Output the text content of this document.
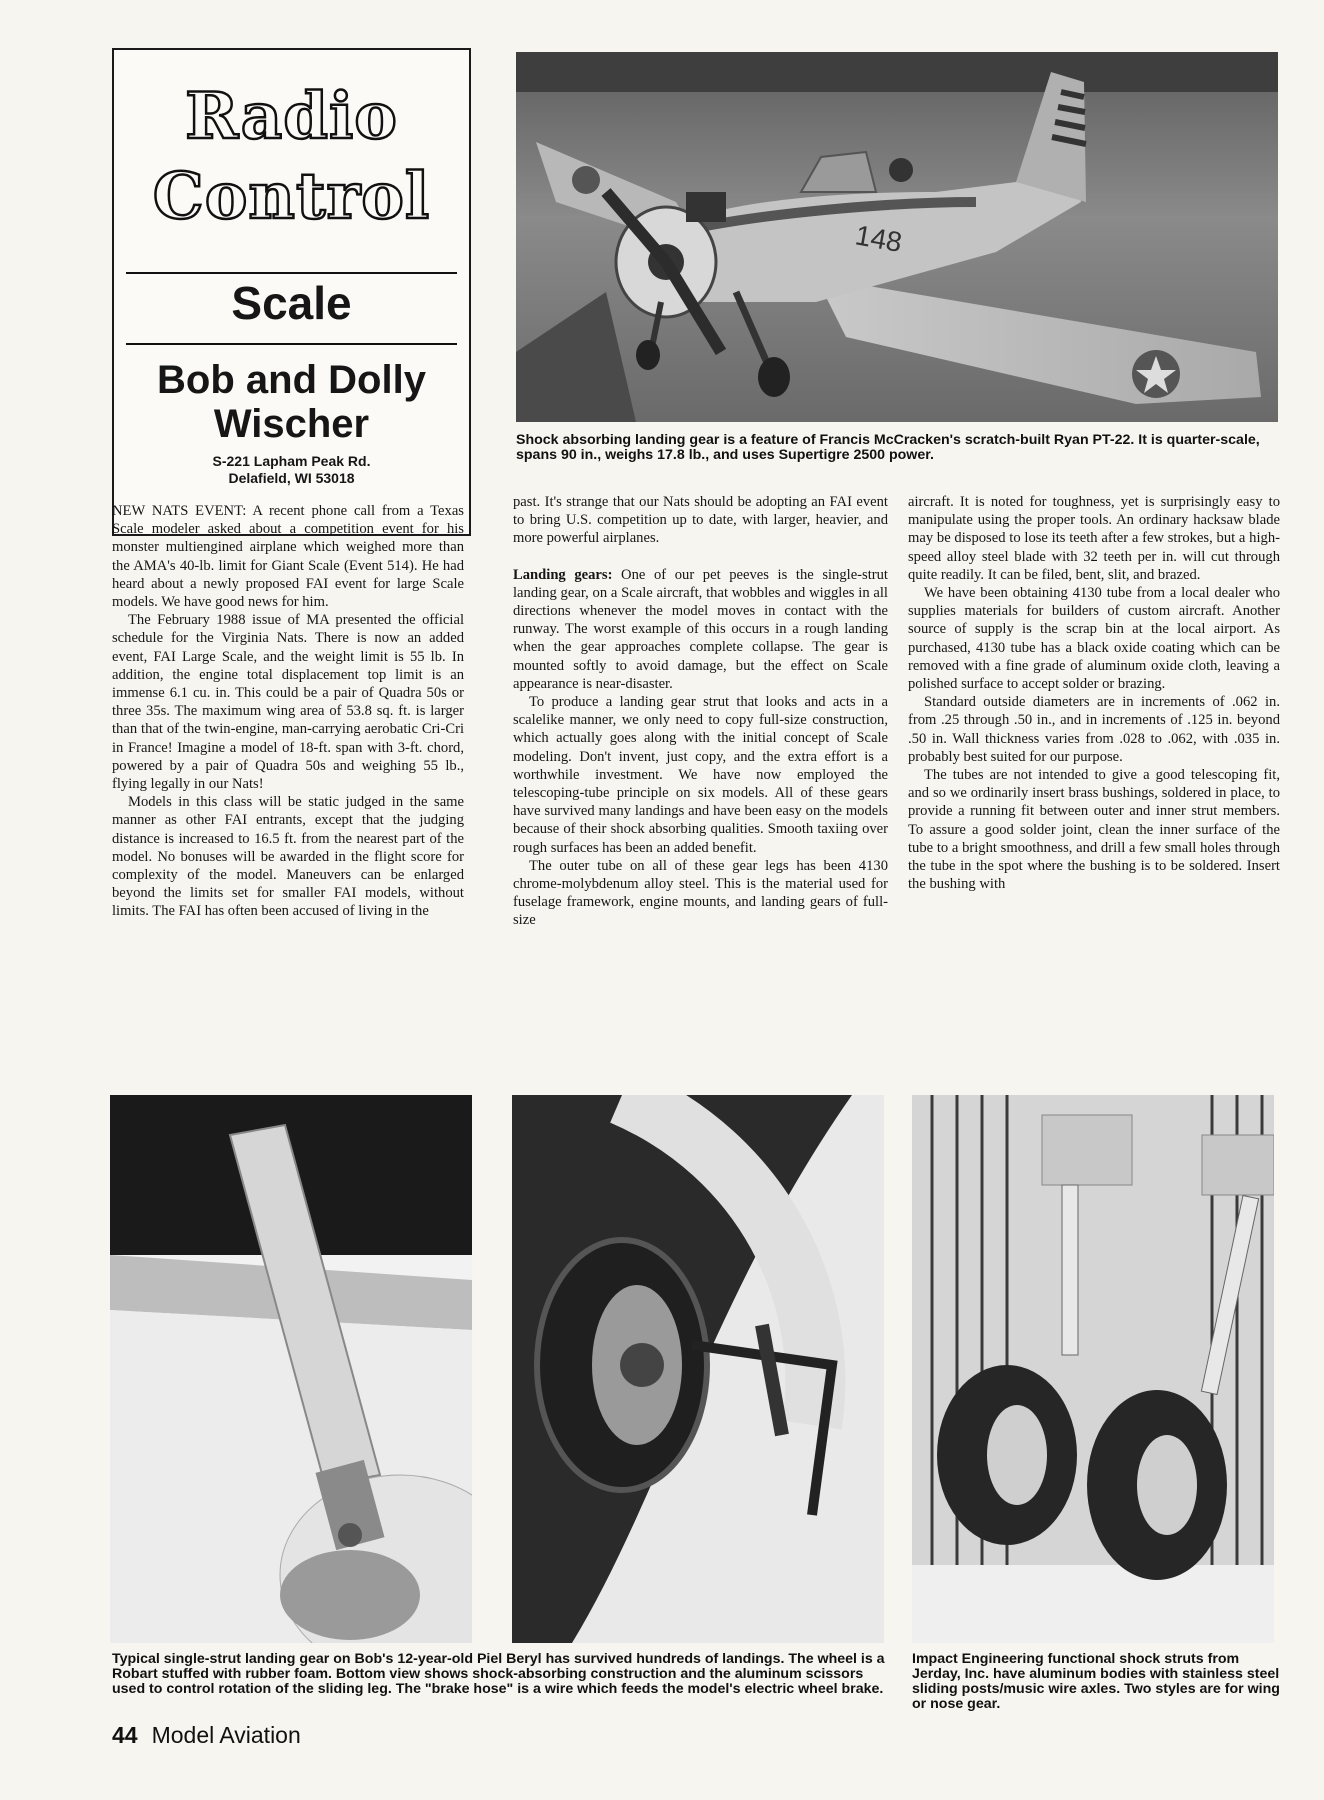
Radio
Control
Scale
Bob and Dolly
Wischer
S-221 Lapham Peak Rd.
Delafield, WI 53018
148
Shock absorbing landing gear is a feature of Francis McCracken's scratch-built Ryan PT-22. It is quarter-scale, spans 90 in., weighs 17.8 lb., and uses Supertigre 2500 power.

NEW NATS EVENT: A recent phone call from a Texas Scale modeler asked about a competition event for his monster multiengined airplane which weighed more than the AMA's 40-lb. limit for Giant Scale (Event 514). He had heard about a newly proposed FAI event for large Scale models. We have good news for him.

The February 1988 issue of MA presented the official schedule for the Virginia Nats. There is now an added event, FAI Large Scale, and the weight limit is 55 lb. In addition, the engine total displacement top limit is an immense 6.1 cu. in. This could be a pair of Quadra 50s or three 35s. The maximum wing area of 53.8 sq. ft. is larger than that of the twin-engine, man-carrying aerobatic Cri-Cri in France! Imagine a model of 18-ft. span with 3-ft. chord, powered by a pair of Quadra 50s and weighing 55 lb., flying legally in our Nats!

Models in this class will be static judged in the same manner as other FAI entrants, except that the judging distance is increased to 16.5 ft. from the nearest part of the model. No bonuses will be awarded in the flight score for complexity of the model. Maneuvers can be enlarged beyond the limits set for smaller FAI models, without limits. The FAI has often been accused of living in the

past. It's strange that our Nats should be adopting an FAI event to bring U.S. competition up to date, with larger, heavier, and more powerful airplanes.

Landing gears: One of our pet peeves is the single-strut landing gear, on a Scale aircraft, that wobbles and wiggles in all directions whenever the model moves in contact with the runway. The worst example of this occurs in a rough landing when the gear approaches complete collapse. The gear is mounted softly to avoid damage, but the effect on Scale appearance is near-disaster.

To produce a landing gear strut that looks and acts in a scalelike manner, we only need to copy full-size construction, which actually goes along with the initial concept of Scale modeling. Don't invent, just copy, and the extra effort is a worthwhile investment. We have now employed the telescoping-tube principle on six models. All of these gears have survived many landings and have been easy on the models because of their shock absorbing qualities. Smooth taxiing over rough surfaces has been an added benefit.

The outer tube on all of these gear legs has been 4130 chrome-molybdenum alloy steel. This is the material used for fuselage framework, engine mounts, and landing gears of full-size

aircraft. It is noted for toughness, yet is surprisingly easy to manipulate using the proper tools. An ordinary hacksaw blade may be disposed to lose its teeth after a few strokes, but a high-speed alloy steel blade with 32 teeth per in. will cut through quite readily. It can be filed, bent, slit, and brazed.

We have been obtaining 4130 tube from a local dealer who supplies materials for builders of custom aircraft. Another source of supply is the scrap bin at the local airport. As purchased, 4130 tube has a black oxide coating which can be removed with a fine grade of aluminum oxide cloth, leaving a polished surface to accept solder or brazing.

Standard outside diameters are in increments of .062 in. from .25 through .50 in., and in increments of .125 in. beyond .50 in. Wall thickness varies from .028 to .062, with .035 in. probably best suited for our purpose.

The tubes are not intended to give a good telescoping fit, and so we ordinarily insert brass bushings, soldered in place, to provide a running fit between outer and inner strut members. To assure a good solder joint, clean the inner surface of the tube to a bright smoothness, and drill a few small holes through the tube in the spot where the bushing is to be soldered. Insert the bushing with

Typical single-strut landing gear on Bob's 12-year-old Piel Beryl has survived hundreds of landings. The wheel is a Robart stuffed with rubber foam. Bottom view shows shock-absorbing construction and the aluminum scissors used to control rotation of the sliding leg. The "brake hose" is a wire which feeds the model's electric wheel brake.
Impact Engineering functional shock struts from Jerday, Inc. have aluminum bodies with stainless steel sliding posts/music wire axles. Two styles are for wing or nose gear.
44 Model Aviation
